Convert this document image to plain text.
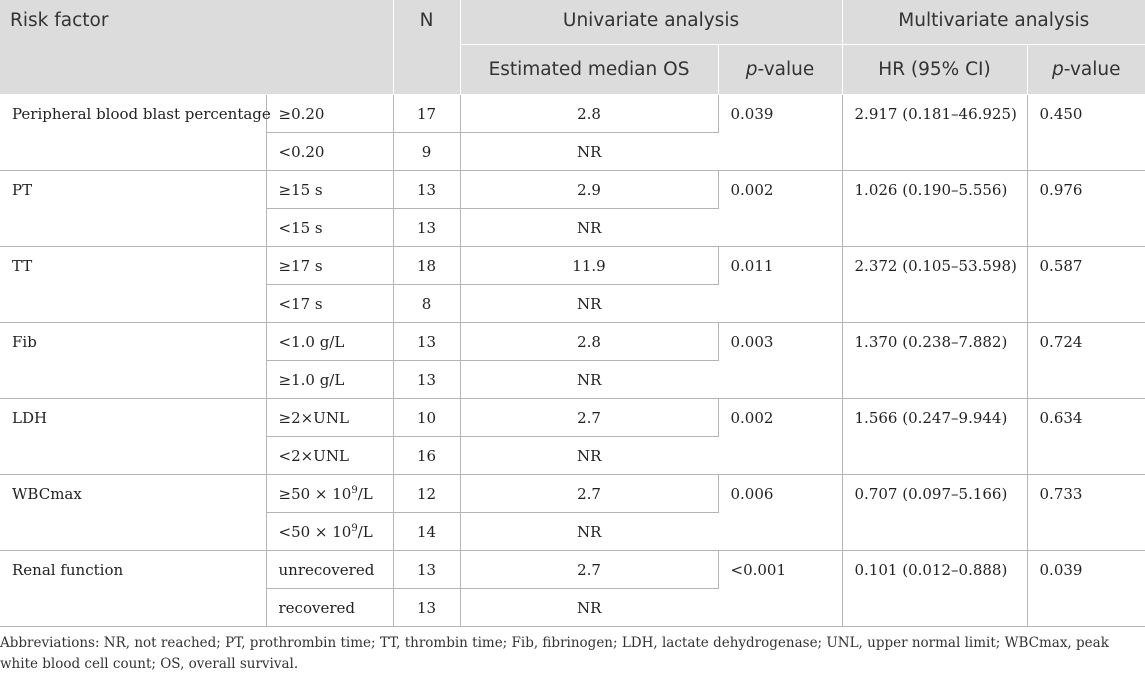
Risk factor		N	Univariate analysis		Multivariate analysis	
			Estimated median OS	p-value	HR (95% CI)	p-value
Peripheral blood blast percentage	≥0.20	17	2.8	0.039	2.917 (0.181–46.925)	0.450
	<0.20	9	NR			
PT	≥15 s	13	2.9	0.002	1.026 (0.190–5.556)	0.976
	<15 s	13	NR			
TT	≥17 s	18	11.9	0.011	2.372 (0.105–53.598)	0.587
	<17 s	8	NR			
Fib	<1.0 g/L	13	2.8	0.003	1.370 (0.238–7.882)	0.724
	≥1.0 g/L	13	NR			
LDH	≥2×UNL	10	2.7	0.002	1.566 (0.247–9.944)	0.634
	<2×UNL	16	NR			
WBCmax	$\ge 50 \times 10^9/L$	12	2.7	0.006	0.707 (0.097–5.166)	0.733
	$<50 \times 10^9/L$	14	NR			
Renal function	unrecovered	13	2.7	<0.001	0.101 (0.012–0.888)	0.039
	recovered	13	NR			
Abbreviations: NR, not reached; PT, prothrombin time; TT, thrombin time; Fib, fibrinogen; LDH, lactate dehydrogenase; UNL, upper normal limit; WBCmax, peak white blood cell count; OS, overall survival.
